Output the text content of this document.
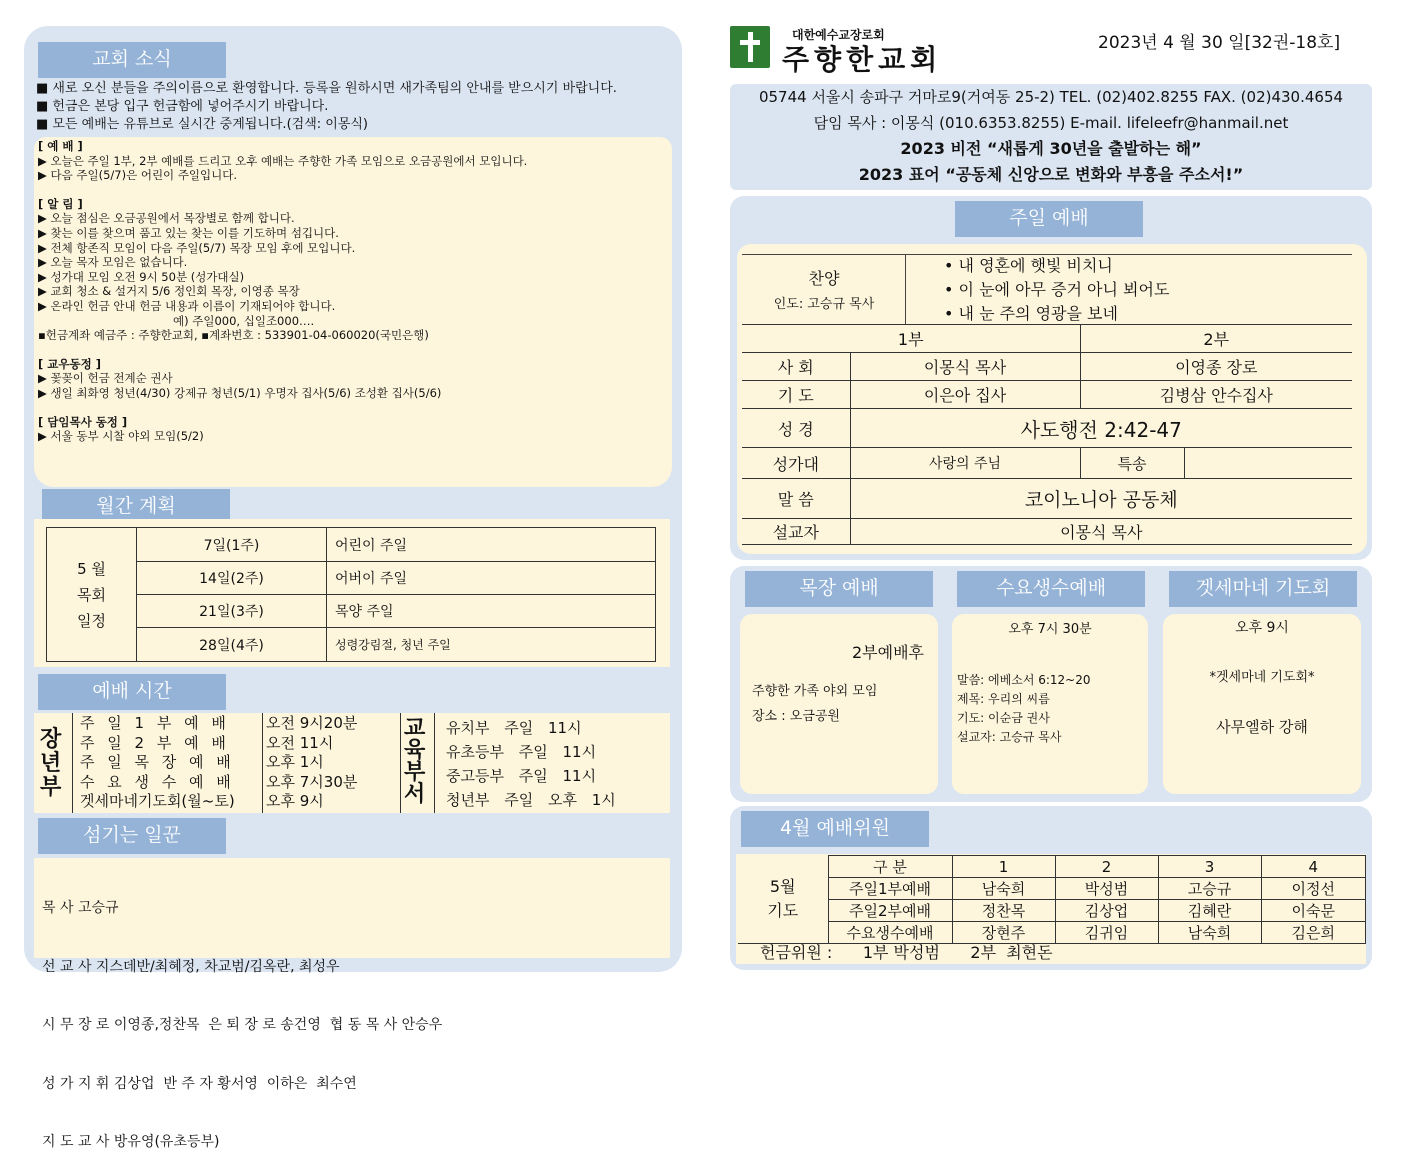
교회 소식
■ 새로 오신 분들을 주의이름으로 환영합니다. 등록을 원하시면 새가족팀의 안내를 받으시기 바랍니다.
■ 헌금은 본당 입구 헌금함에 넣어주시기 바랍니다.
■ 모든 예배는 유튜브로 실시간 중계됩니다.(검색: 이몽식)
[ 예 배 ]
▶ 오늘은 주일 1부, 2부 예배를 드리고 오후 예배는 주향한 가족 모임으로 오금공원에서 모입니다.
▶ 다음 주일(5/7)은 어린이 주일입니다.
[ 알 림 ]
▶ 오늘 점심은 오금공원에서 목장별로 함께 합니다.
▶ 찾는 이를 찾으며 품고 있는 찾는 이를 기도하며 섬깁니다.
▶ 전체 항존직 모임이 다음 주일(5/7) 목장 모임 후에 모입니다.
▶ 오늘 목자 모임은 없습니다.
▶ 성가대 모임 오전 9시 50분 (성가대실)
▶ 교회 청소 & 설거지 5/6 정인회 목장, 이영종 목장
▶ 온라인 헌금 안내 헌금 내용과 이름이 기재되어야 합니다.
예) 주일000, 십일조000….
▪헌금계좌 예금주 : 주향한교회, ▪계좌번호 : 533901-04-060020(국민은행)
[ 교우동정 ]
▶ 꽃꽂이 헌금 전계순 권사
▶ 생일 최화영 청년(4/30) 강제규 청년(5/1) 우명자 집사(5/6) 조성환 집사(5/6)
[ 담임목사 동정 ]
▶ 서울 동부 시찰 야외 모임(5/2)
월간 계획
5 월
목회
일정	7일(1주)	어린이 주일
	14일(2주)	어버이 주일
	21일(3주)	목양 주일
	28일(4주)	성령강림절, 청년 주일
예배 시간
장년부
주 일 1 부 예 배	오전 9시20분
주 일 2 부 예 배	오전 11시
주 일 목 장 예 배	오후 1시
수 요 생 수 예 배	오후 7시30분
겟세마네기도회(월~토)	오후 9시
교육부서
유치부 주일 11시
유초등부 주일 11시
중고등부 주일 11시
청년부 주일 오후 1시
섬기는 일꾼

목 사 고승규

선 교 사 지스데반/최혜정, 차교범/김옥란, 최성우

시 무 장 로 이영종,정찬목  은 퇴 장 로 송건영  협 동 목 사 안승우

성 가 지 휘 김상업  반 주 자 황서영  이하은  최수연

지 도 교 사 방유영(유초등부)

대한예수교장로회
주향한교회	2023년 4 월 30 일[32권-18호]
05744 서울시 송파구 거마로9(거여동 25-2) TEL. (02)402.8255 FAX. (02)430.4654
담임 목사 : 이몽식 (010.6353.8255) E-mail. lifeleefr@hanmail.net
2023 비전 “새롭게 30년을 출발하는 해”
2023 표어 “공동체 신앙으로 변화와 부흥을 주소서!”
주일 예배
찬양
인도: 고승규 목사
• 내 영혼에 햇빛 비치니
• 이 눈에 아무 증거 아니 뵈어도
• 내 눈 주의 영광을 보네
1부		2부	
사 회	이몽식 목사	이영종 장로	
기 도	이은아 집사	김병삼 안수집사	
성 경	사도행전 2:42-47		
성가대	사랑의 주님	특송	
말 씀	코이노니아 공동체		
설교자	이몽식 목사		
목장 예배
2부예배후
주향한 가족 야외 모임
장소 : 오금공원
수요생수예배
오후 7시 30분
말씀: 에베소서 6:12~20
제목: 우리의 씨름
기도: 이순금 권사
설교자: 고승규 목사
겟세마네 기도회
오후 9시
*겟세마네 기도회*
사무엘하 강해
4월 예배위원
5월
기도	구 분	1	2	3	4
	주일1부예배	남숙희	박성범	고승규	이정선
	주일2부예배	정찬목	김상업	김혜란	이숙문
	수요생수예배	장현주	김귀임	남숙희	김은희
헌금위원 :      1부 박성범      2부  최현돈
